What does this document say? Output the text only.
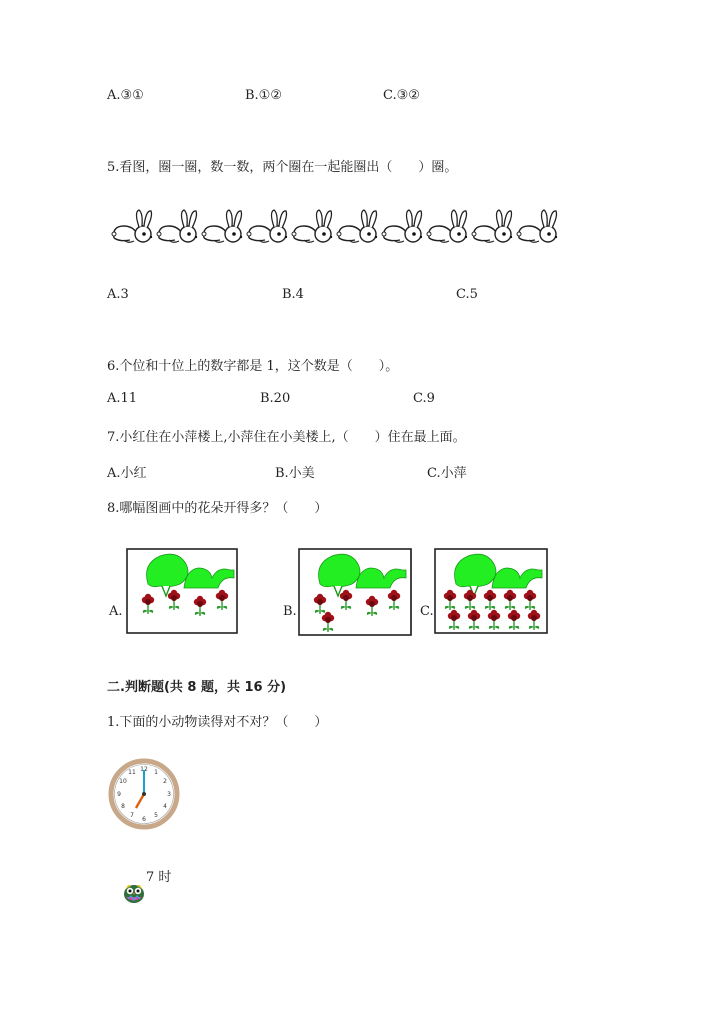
A.③①	B.①②	C.③②
5.看图，圈一圈，数一数，两个圈在一起能圈出（　　）圈。
A.3	B.4	C.5
6.个位和十位上的数字都是 1，这个数是（　　）。
A.11	B.20	C.9
7.小红住在小萍楼上,小萍住在小美楼上,（　　）住在最上面。
A.小红	B.小美	C.小萍
8.哪幅图画中的花朵开得多？（　　）
A.	B.	C.
二.判断题(共 8 题，共 16 分)
1.下面的小动物读得对不对？（　　）
12 1
2
3
4
5
6
7
8
9
10
11
7 时
